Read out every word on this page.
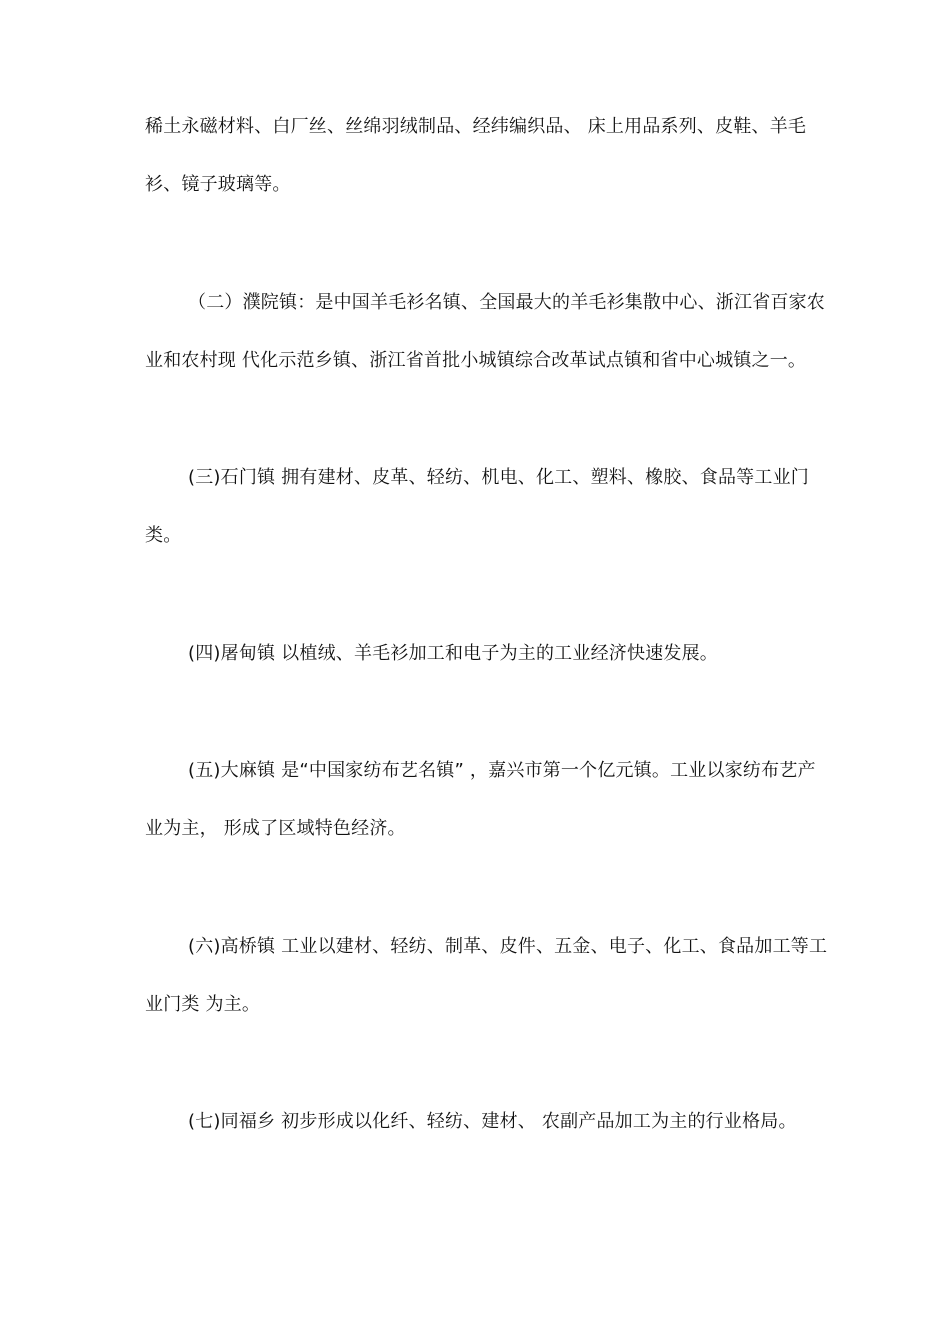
稀土永磁材料、白厂丝、丝绵羽绒制品、经纬编织品、 床上用品系列、皮鞋、羊毛
衫、镜子玻璃等。
（二）濮院镇：是中国羊毛衫名镇、全国最大的羊毛衫集散中心、浙江省百家农
业和农村现 代化示范乡镇、浙江省首批小城镇综合改革试点镇和省中心城镇之一。
(三)石门镇 拥有建材、皮革、轻纺、机电、化工、塑料、橡胶、食品等工业门
类。
(四)屠甸镇 以植绒、羊毛衫加工和电子为主的工业经济快速发展。
(五)大麻镇 是“中国家纺布艺名镇” ，嘉兴市第一个亿元镇。工业以家纺布艺产
业为主， 形成了区域特色经济。
(六)高桥镇 工业以建材、轻纺、制革、皮件、五金、电子、化工、食品加工等工
业门类 为主。
(七)同福乡 初步形成以化纤、轻纺、建材、 农副产品加工为主的行业格局。
